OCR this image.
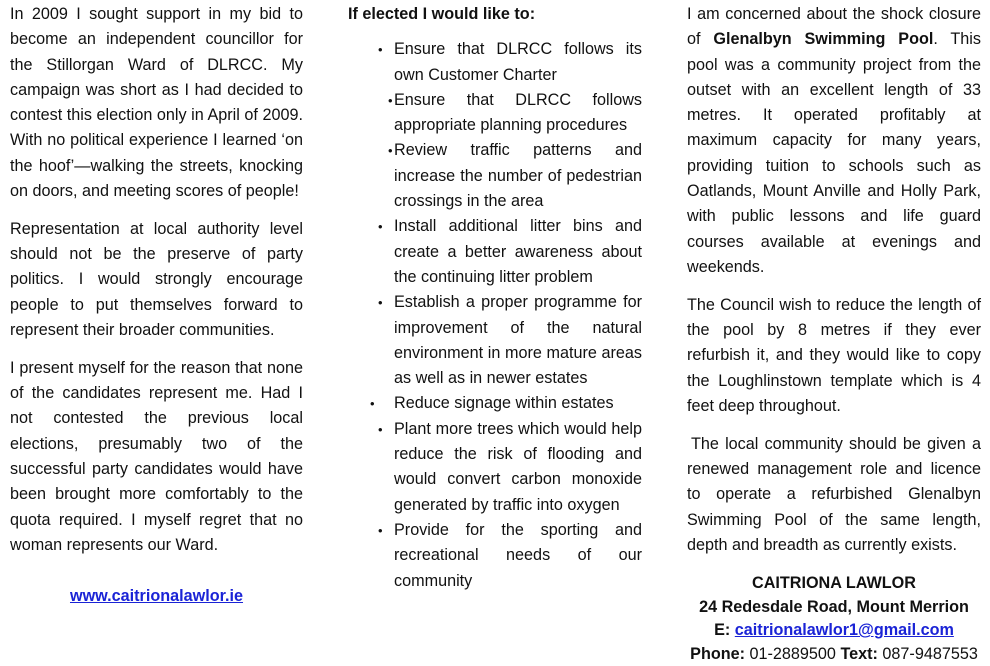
In 2009 I sought support in my bid to become an independent councillor for the Stillorgan Ward of DLRCC. My campaign was short as I had decided to contest this election only in April of 2009. With no political experience I learned ‘on the hoof’—walking the streets, knocking on doors, and meeting scores of people!

Representation at local authority level should not be the preserve of party politics. I would strongly encourage people to put themselves forward to represent their broader communities.

I present myself for the reason that none of the candidates represent me. Had I not contested the previous local elections, presumably two of the successful party candidates would have been brought more comfortably to the quota required. I myself regret that no woman represents our Ward.

www.caitrionalawlor.ie
If elected I would like to:
• Ensure that DLRCC follows its own Customer Charter
• Ensure that DLRCC follows appropriate planning procedures
• Review traffic patterns and increase the number of pedestrian crossings in the area
• Install additional litter bins and create a better awareness about the continuing litter problem
• Establish a proper programme for improvement of the natural environment in more mature areas as well as in newer estates
• Reduce signage within estates
• Plant more trees which would help reduce the risk of flooding and would convert carbon monoxide generated by traffic into oxygen
• Provide for the sporting and recreational needs of our community

I am concerned about the shock closure of Glenalbyn Swimming Pool. This pool was a community project from the outset with an excellent length of 33 metres. It operated profitably at maximum capacity for many years, providing tuition to schools such as Oatlands, Mount Anville and Holly Park, with public lessons and life guard courses available at evenings and weekends.

The Council wish to reduce the length of the pool by 8 metres if they ever refurbish it, and they would like to copy the Loughlinstown template which is 4 feet deep throughout.

The local community should be given a renewed management role and licence to operate a refurbished Glenalbyn Swimming Pool of the same length, depth and breadth as currently exists.

CAITRIONA LAWLOR
24 Redesdale Road, Mount Merrion
E: caitrionalawlor1@gmail.com
Phone: 01-2889500 Text: 087-9487553
